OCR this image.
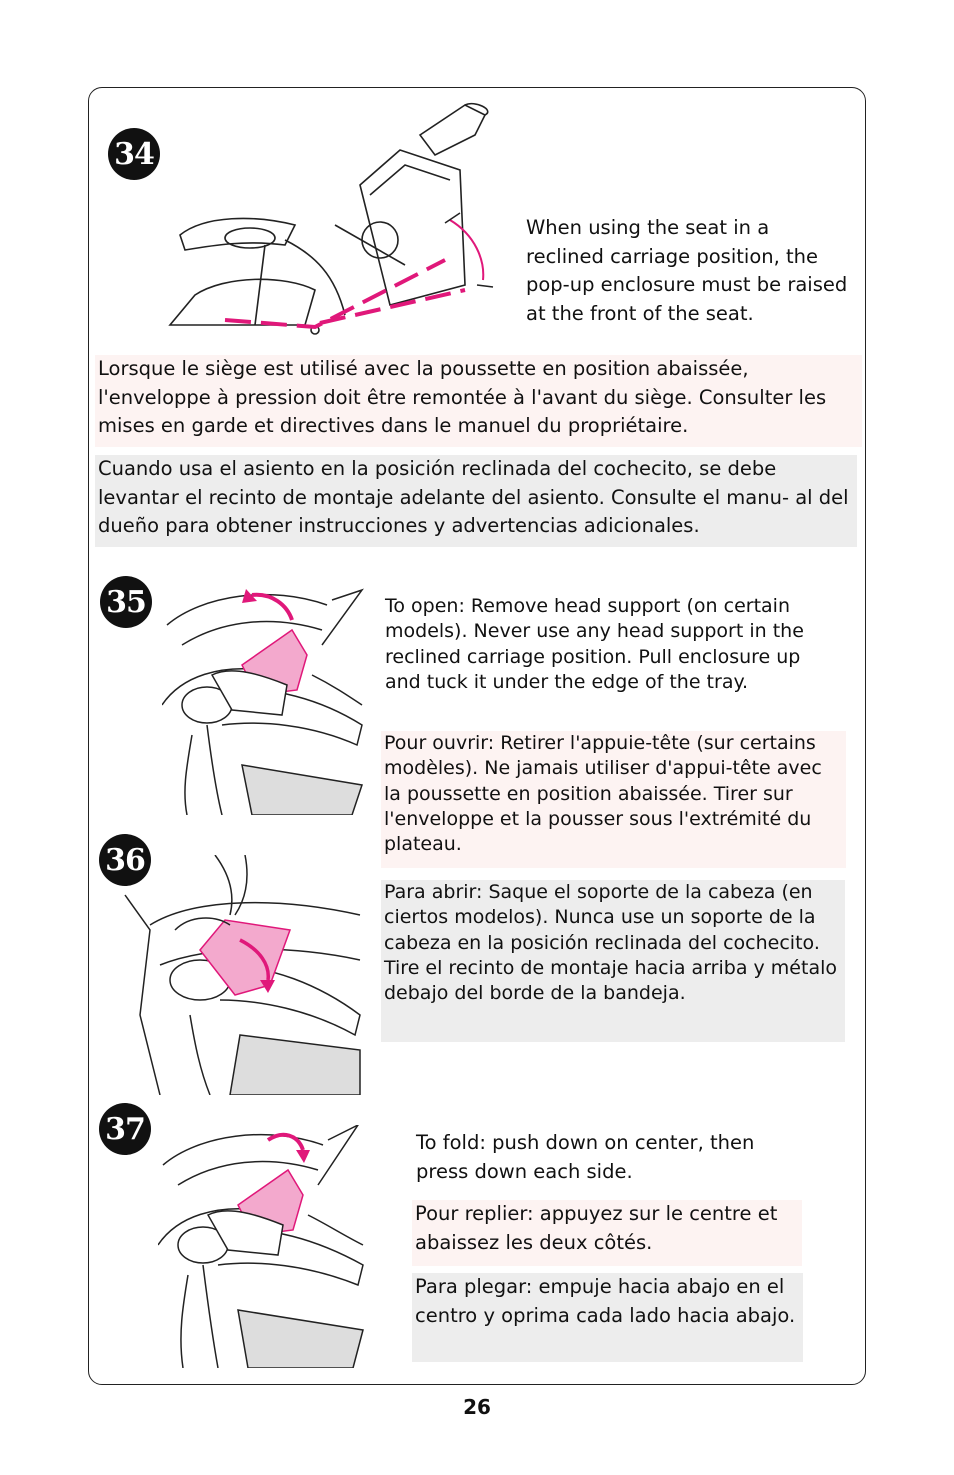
34

When using the seat in a reclined carriage position, the pop-up enclosure must be raised at the front of the seat.

Lorsque le siège est utilisé avec la poussette en position abaissée, l'enveloppe à pression doit être remontée à l'avant du siège. Consulter les mises en garde et directives dans le manuel du propriétaire.

Cuando usa el asiento en la posición reclinada del cochecito, se debe levantar el recinto de montaje adelante del asiento. Consulte el manu- al del dueño para obtener instrucciones y advertencias adicionales.

35	To open: Remove head support (on certain models). Never use any head support in the reclined carriage position. Pull enclosure up and tuck it under the edge of the tray.

Pour ouvrir: Retirer l'appuie-tête (sur certains modèles). Ne jamais utiliser d'appui-tête avec la poussette en position abaissée. Tirer sur l'enveloppe et la pousser sous l'extrémité du plateau.

Para abrir: Saque el soporte de la cabeza (en ciertos modelos). Nunca use un soporte de la cabeza en la posición reclinada del cochecito. Tire el recinto de montaje hacia arriba y métalo debajo del borde de la bandeja.

36
37	To fold: push down on center, then press down each side.

Pour replier: appuyez sur le centre et abaissez les deux côtés.

Para plegar: empuje hacia abajo en el centro y oprima cada lado hacia abajo.

26
